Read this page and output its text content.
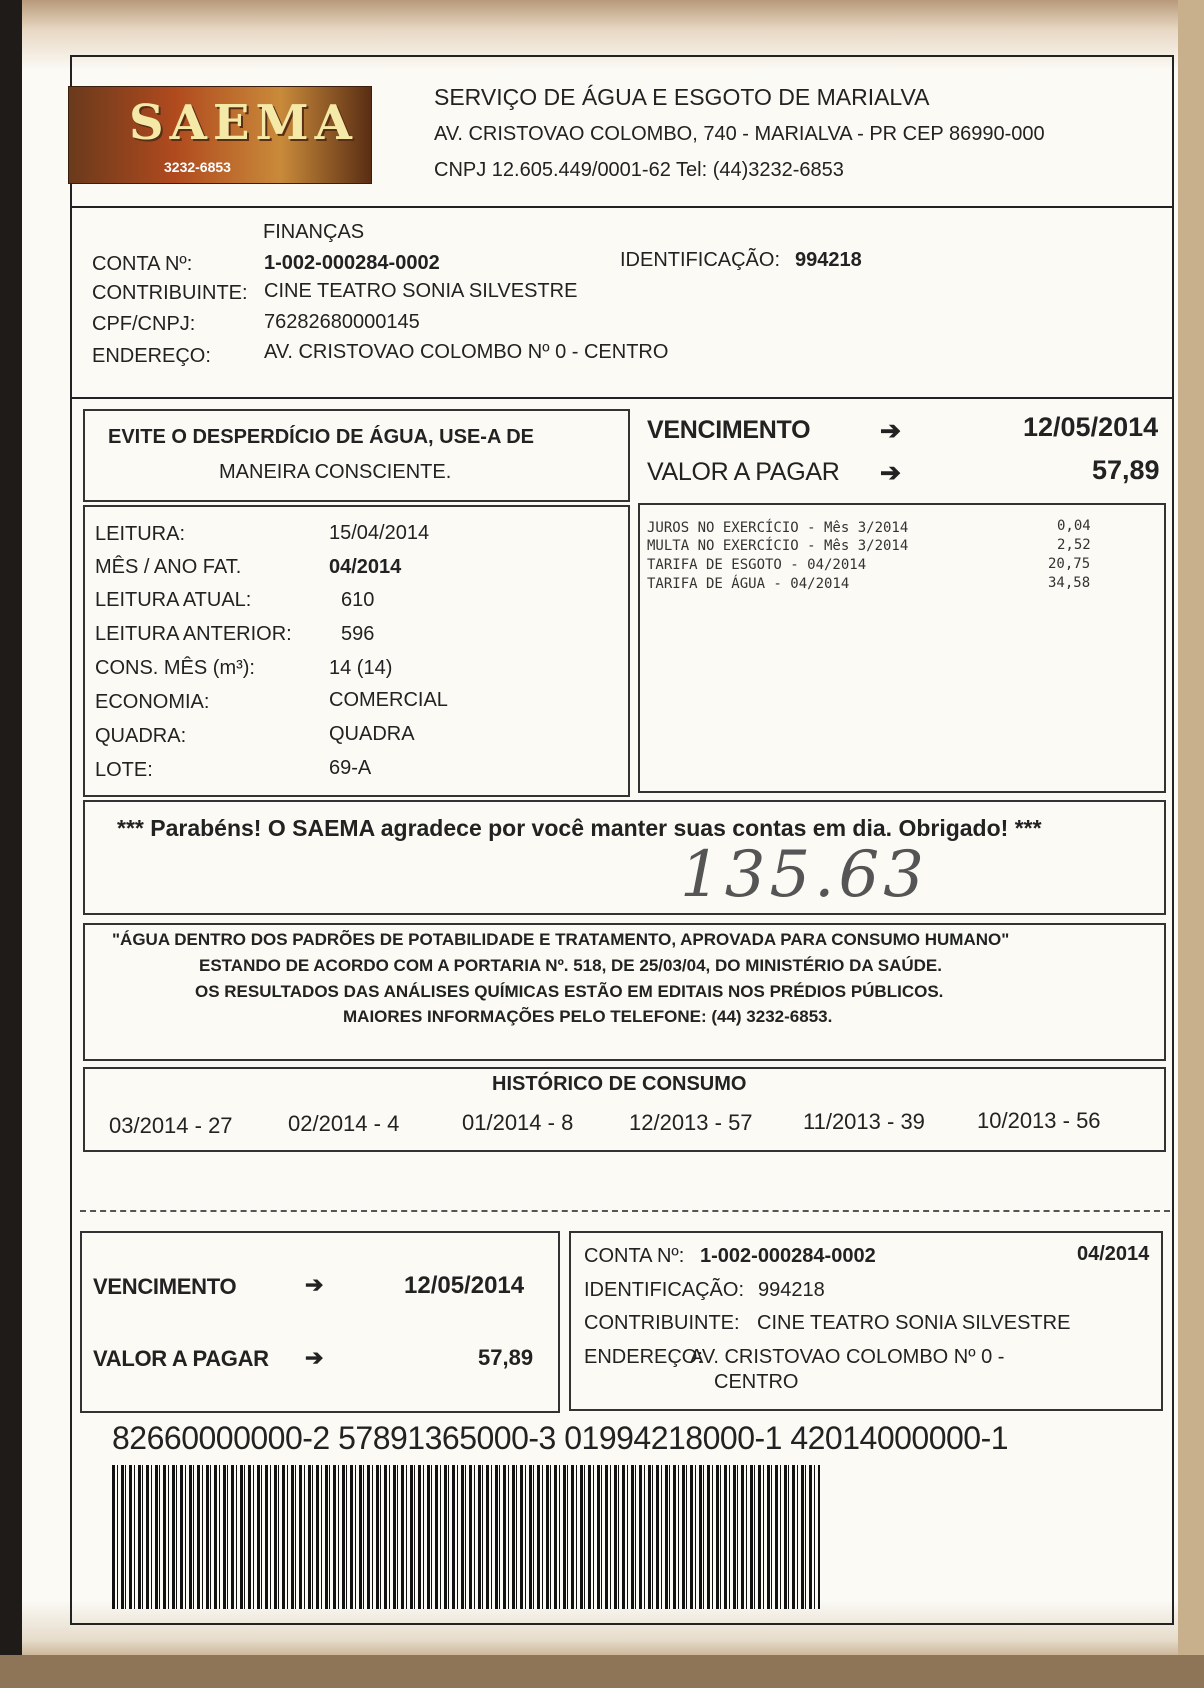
SAEMA
3232-6853
SERVIÇO DE ÁGUA E ESGOTO DE MARIALVA
AV. CRISTOVAO COLOMBO, 740 - MARIALVA - PR CEP 86990-000
CNPJ 12.605.449/0001-62 Tel: (44)3232-6853
FINANÇAS
CONTA Nº:	1-002-000284-0002	IDENTIFICAÇÃO: 994218
CONTRIBUINTE: CINE TEATRO SONIA SILVESTRE
CPF/CNPJ:	76282680000145
ENDEREÇO:	AV. CRISTOVAO COLOMBO Nº 0 - CENTRO
EVITE O DESPERDÍCIO DE ÁGUA, USE-A DE
MANEIRA CONSCIENTE.
VENCIMENTO	➔	12/05/2014
VALOR A PAGAR ➔	57,89
LEITURA:	15/04/2014
MÊS / ANO FAT.	04/2014
LEITURA ATUAL:	610
LEITURA ANTERIOR: 596
CONS. MÊS (m³):	14 (14)
ECONOMIA:	COMERCIAL
QUADRA:	QUADRA
LOTE:	69-A
JUROS NO EXERCÍCIO - Mês 3/2014	0,04
MULTA NO EXERCÍCIO - Mês 3/2014	2,52
TARIFA DE ESGOTO - 04/2014	20,75
TARIFA DE ÁGUA - 04/2014	34,58
*** Parabéns! O SAEMA agradece por você manter suas contas em dia. Obrigado! ***
135.63
"ÁGUA DENTRO DOS PADRÕES DE POTABILIDADE E TRATAMENTO, APROVADA PARA CONSUMO HUMANO"
ESTANDO DE ACORDO COM A PORTARIA Nº. 518, DE 25/03/04, DO MINISTÉRIO DA SAÚDE.
OS RESULTADOS DAS ANÁLISES QUÍMICAS ESTÃO EM EDITAIS NOS PRÉDIOS PÚBLICOS.
MAIORES INFORMAÇÕES PELO TELEFONE: (44) 3232-6853.
HISTÓRICO DE CONSUMO
03/2014 - 27	02/2014 - 4	01/2014 - 8	12/2013 - 57 11/2013 - 39 10/2013 - 56
VENCIMENTO	➔	12/05/2014
VALOR A PAGAR ➔	57,89
CONTA Nº: 1-002-000284-0002	04/2014
IDENTIFICAÇÃO: 994218
CONTRIBUINTE: CINE TEATRO SONIA SILVESTRE
ENDEREÇO:
AV. CRISTOVAO COLOMBO Nº 0 -
CENTRO
82660000000-2 57891365000-3 01994218000-1 42014000000-1
